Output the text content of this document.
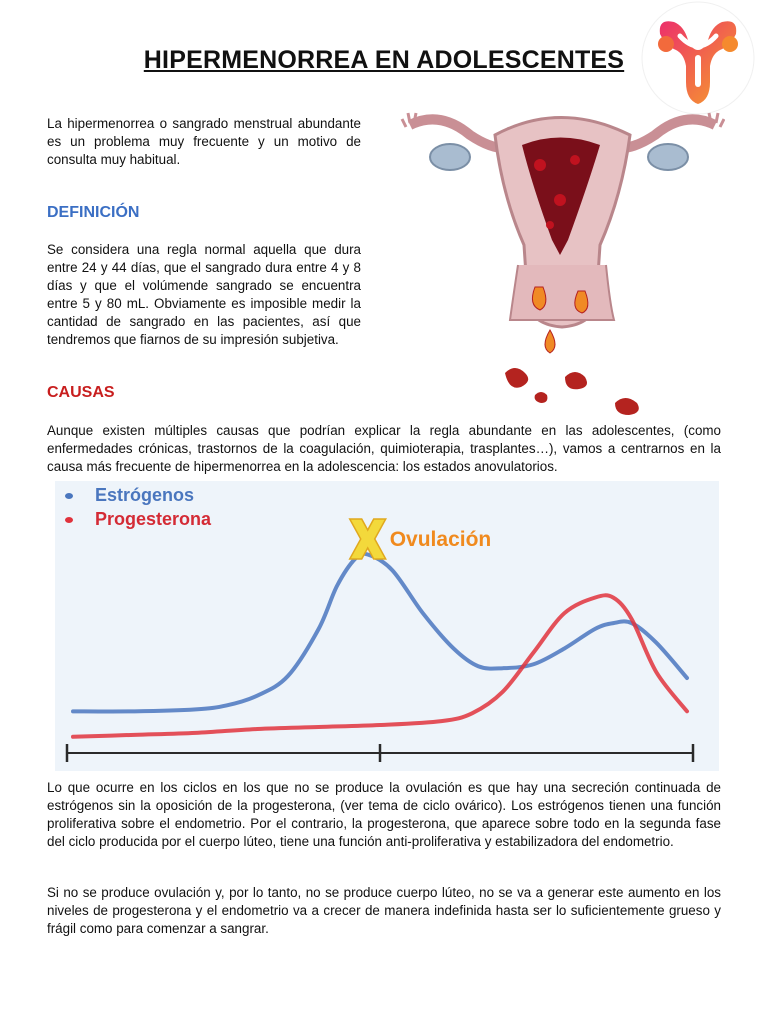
HIPERMENORREA EN ADOLESCENTES
La hipermenorrea o sangrado menstrual abundante es un problema muy frecuente y un motivo de consulta muy habitual.
DEFINICIÓN
Se considera una regla normal aquella que dura entre 24 y 44 días, que el sangrado dura entre 4 y 8 días y que el volúmende sangrado se encuentra entre 5 y 80 mL. Obviamente es imposible medir la cantidad de sangrado en las pacientes, así que tendremos que fiarnos de su impresión subjetiva.
CAUSAS
Aunque existen múltiples causas que podrían explicar la regla abundante en las adolescentes, (como enfermedades crónicas, trastornos de la coagulación, quimioterapia, trasplantes…), vamos a centrarnos en la causa más frecuente de hipermenorrea en la adolescencia: los estados anovulatorios.
Estrógenos
Progesterona
Ovulación
Lo que ocurre en los ciclos en los que no se produce la ovulación es que hay una secreción continuada de estrógenos sin la oposición de la progesterona, (ver tema de ciclo ovárico). Los estrógenos tienen una función proliferativa sobre el endometrio. Por el contrario, la progesterona, que aparece sobre todo en la segunda fase del ciclo producida por el cuerpo lúteo, tiene una función anti-proliferativa y estabilizadora del endometrio.
Si no se produce ovulación y, por lo tanto, no se produce cuerpo lúteo, no se va a generar este aumento en los niveles de progesterona y el endometrio va a crecer de manera indefinida hasta ser lo suficientemente grueso y frágil como para comenzar a sangrar.
